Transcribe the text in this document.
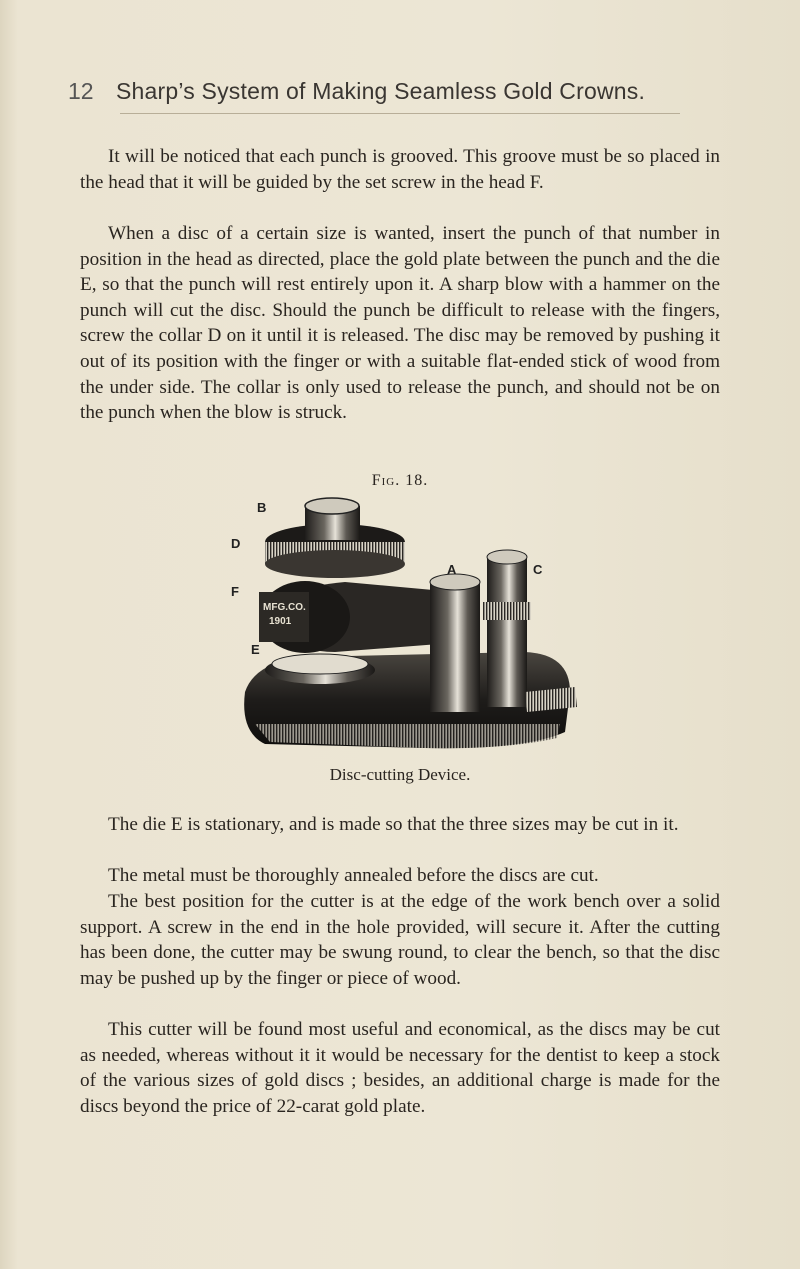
12 Sharp’s System of Making Seamless Gold Crowns.

It will be noticed that each punch is grooved. This groove must be so placed in the head that it will be guided by the set screw in the head F.

When a disc of a certain size is wanted, insert the punch of that number in position in the head as directed, place the gold plate between the punch and the die E, so that the punch will rest entirely upon it. A sharp blow with a hammer on the punch will cut the disc. Should the punch be difficult to release with the fingers, screw the collar D on it until it is released. The disc may be removed by pushing it out of its position with the finger or with a suitable flat-ended stick of wood from the under side. The collar is only used to release the punch, and should not be on the punch when the blow is struck.

Fig. 18.
MFG.CO.
1901
B
D
F
A	C
E
Disc-cutting Device.

The die E is stationary, and is made so that the three sizes may be cut in it.

The metal must be thoroughly annealed before the discs are cut.

The best position for the cutter is at the edge of the work bench over a solid support. A screw in the end in the hole provided, will secure it. After the cutting has been done, the cutter may be swung round, to clear the bench, so that the disc may be pushed up by the finger or piece of wood.

This cutter will be found most useful and economical, as the discs may be cut as needed, whereas without it it would be necessary for the dentist to keep a stock of the various sizes of gold discs ; besides, an additional charge is made for the discs beyond the price of 22-carat gold plate.
